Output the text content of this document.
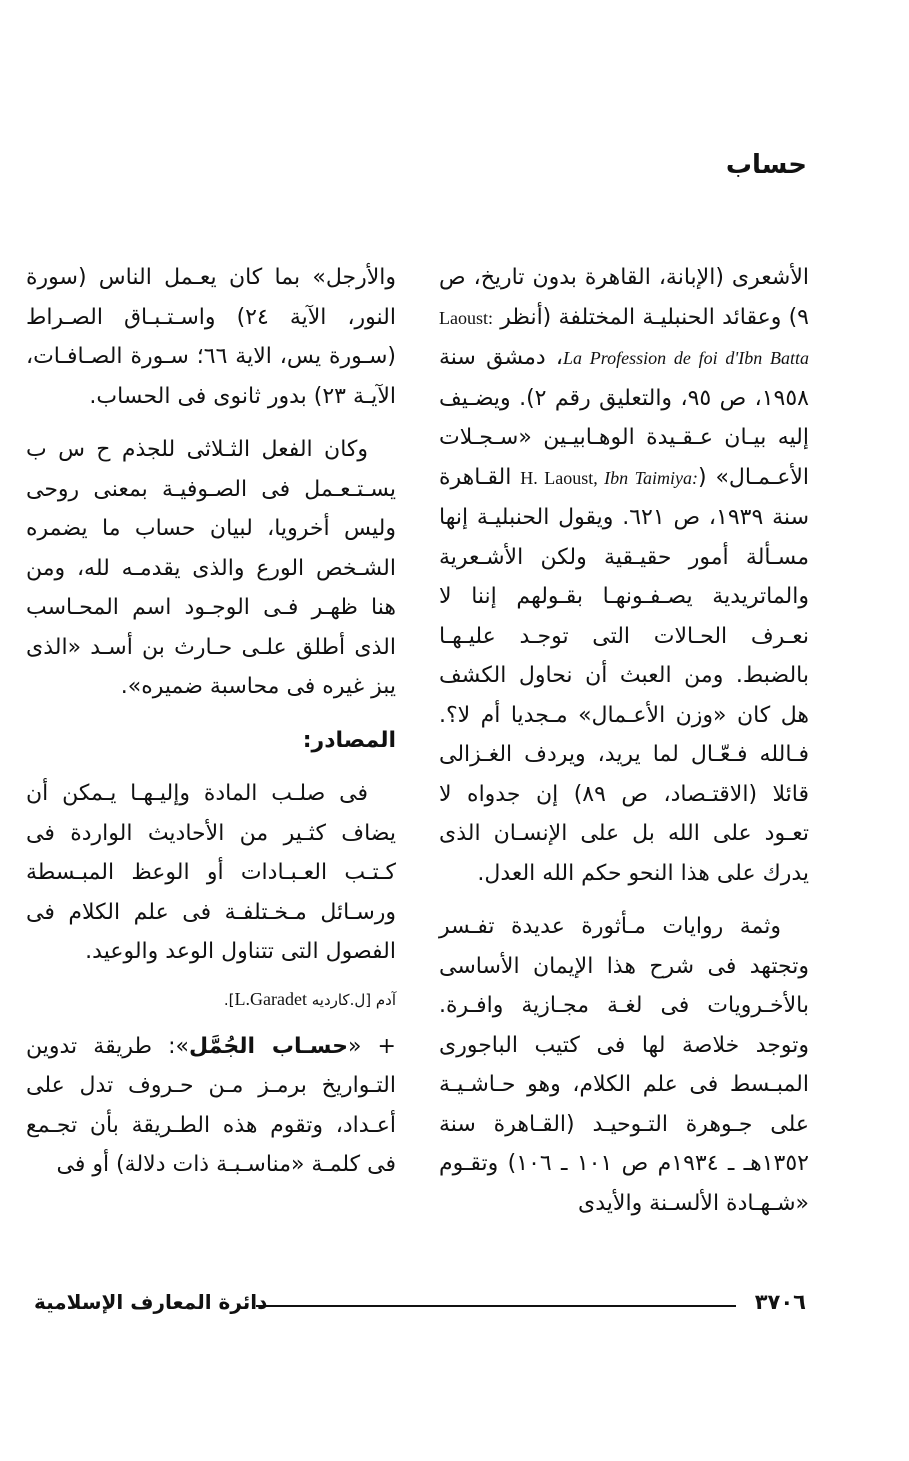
حساب

الأشعرى (الإبانة، القاهرة بدون تاريخ، ص ٩) وعقائد الحنبليـة المختلفة (أنظر Laoust: La Profession de foi d'Ibn Batta، دمشق سنة ١٩٥٨، ص ٩٥، والتعليق رقم ٢). ويضـيف إليه بيـان عـقـيدة الوهـابيـين «سـجـلات الأعـمـال» (H. Laoust, Ibn Taimiya: القـاهرة سنة ١٩٣٩، ص ٦٢١. ويقول الحنبليـة إنها مسـألة أمور حقيـقية ولكن الأشـعرية والماتريدية يصـفـونهـا بقـولهم إننا لا نعـرف الحـالات التى توجـد عليـهـا بالضبط. ومن العبث أن نحاول الكشف هل كان «وزن الأعـمال» مـجديا أم لا؟. فـالله فـعّـال لما يريد، ويردف الغـزالى قائلا (الاقتـصاد، ص ٨٩) إن جدواه لا تعـود على الله بل على الإنسـان الذى يدرك على هذا النحو حكم الله العدل.

وثمة روايات مـأثورة عديدة تفـسر وتجتهد فى شرح هذا الإيمان الأساسى بالأخـرويات فى لغـة مجـازية وافـرة. وتوجد خلاصة لها فى كتيب الباجورى المبـسط فى علم الكلام، وهو حـاشـيـة على جـوهرة التـوحيـد (القـاهرة سنة ١٣٥٢هـ ـ ١٩٣٤م ص ١٠١ ـ ١٠٦) وتقـوم «شـهـادة الألسـنة والأيدى

والأرجل» بما كان يعـمل الناس (سورة النور، الآية ٢٤) واسـتـبـاق الصـراط (سـورة يس، الاية ٦٦؛ سـورة الصـافـات، الآيـة ٢٣) بدور ثانوى فى الحساب.

وكان الفعل الثـلاثى للجذم ح س ب يسـتـعـمل فى الصـوفيـة بمعنى روحى وليس أخرويا، لبيان حساب ما يضمره الشـخص الورع والذى يقدمـه لله، ومن هنا ظهـر فـى الوجـود اسم المحـاسب الذى أطلق علـى حـارث بن أسـد «الذى يبز غيره فى محاسبة ضميره».

المصادر:

فى صلـب المادة وإليـهـا يـمكن أن يضاف كثـير من الأحاديث الواردة فى كـتـب العـبـادات أو الوعظ المبـسطة ورسـائل مـخـتلفـة فى علم الكلام فى الفصول التى تتناول الوعد والوعيد.

آدم [ل.كارديه L.Garadet].

+ «حسـاب الجُمَّل»: طريقة تدوين التـواريخ برمـز مـن حـروف تدل على أعـداد، وتقوم هذه الطـريقة بأن تجـمع فى كلمـة «مناسـبـة ذات دلالة) أو فى

دائرة المعارف الإسلامية	٣٧٠٦
